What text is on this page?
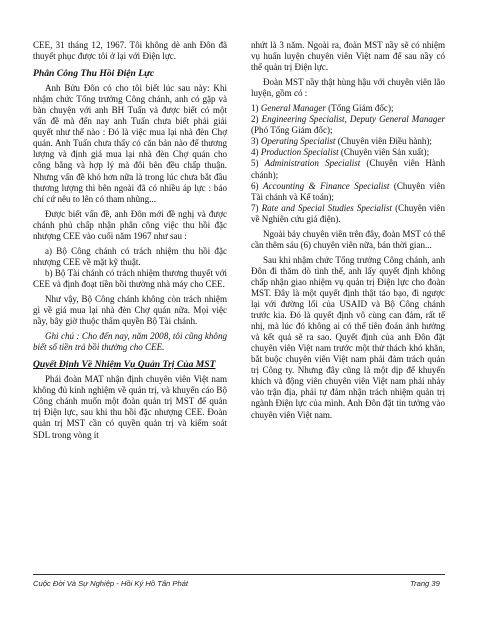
CEE, 31 tháng 12, 1967. Tôi không dè anh Đôn đã thuyết phục được tôi ở lại với Điện lực.

Phân Công Thu Hồi Điện Lực

Anh Bửu Đôn có cho tôi biết lúc sau này: Khi nhậm chức Tổng trưởng Công chánh, anh có gặp và bàn chuyện với anh BH Tuấn và được biết có một vấn đề mà đến nay anh Tuấn chưa biết phải giải quyết như thế nào : Đó là việc mua lại nhà đèn Chợ quán. Anh Tuấn chưa thấy có căn bản nào để thương lượng và định giá mua lại nhà đèn Chợ quán cho công bằng và hợp lý mà đôi bên đều chấp thuận. Nhưng vấn đề khó hơn nữa là trong lúc chưa bắt đầu thương lượng thì bên ngoài đã có nhiều áp lực : báo chí cứ nêu to lên có tham nhũng...

Được biết vấn đề, anh Đôn mới đề nghị và được chánh phủ chấp nhận phân công việc thu hồi đặc nhượng CEE vào cuối năm 1967 như sau :

a) Bộ Công chánh có trách nhiệm thu hồi đặc nhượng CEE về mặt kỹ thuật.

b) Bộ Tài chánh có trách nhiệm thương thuyết với CEE và định đoạt tiền bồi thường nhà máy cho CEE.

Như vậy, Bộ Công chánh không còn trách nhiệm gì về giá mua lại nhà đèn Chợ quán nữa. Mọi việc nầy, bây giờ thuộc thẩm quyền Bộ Tài chánh.

Ghi chú : Cho đến nay, năm 2008, tôi cũng không biết số tiền trả bồi thường cho CEE.

Quyết Định Về Nhiệm Vụ Quản Trị Của MST

Phái đoàn MAT nhận định chuyên viên Việt nam không đủ kinh nghiệm về quản trị, và khuyến cáo Bộ Công chánh muốn một đoàn quản trị MST để quản trị Điện lực, sau khi thu hồi đặc nhượng CEE. Đoàn quản trị MST cần có quyền quản trị và kiểm soát SDL trong vòng ít

nhứt là 3 năm. Ngoài ra, đoàn MST nầy sẽ có nhiệm vụ huấn luyện chuyên viên Việt nam để sau nầy có thể quản trị Điện lực.

Đoàn MST nầy thật hùng hậu với chuyên viên lão luyện, gồm có :

1) General Manager (Tổng Giám đốc);

2) Engineering Specialist, Deputy General Manager (Phó Tổng Giám đốc);

3) Operating Specialist (Chuyên viên Điều hành);

4) Production Specialist (Chuyên viên Sản xuất);

5) Administration Specialist (Chuyên viên Hành chánh);

6) Accounting & Finance Specialist (Chuyên viên Tài chánh và Kế toán);

7) Rate and Special Studies Specialist (Chuyên viên về Nghiên cứu giá điện).

Ngoài bảy chuyên viên trên đây, đoàn MST có thể cần thêm sáu (6) chuyên viên nữa, bán thời gian...

Sau khi nhậm chức Tổng trưởng Công chánh, anh Đôn đi thăm dò tình thế, anh lấy quyết định không chấp nhận giao nhiệm vụ quản trị Điện lực cho đoàn MST. Đây là một quyết định thật táo bạo, đi ngược lại với đường lối của USAID và Bộ Công chánh trước kia. Đó là quyết định vô cùng can đảm, rất tế nhị, mà lúc đó không ai có thể tiên đoán ảnh hưởng và kết quả sẽ ra sao. Quyết định của anh Đôn đặt chuyên viên Việt nam trước một thử thách khó khăn, bắt buộc chuyên viên Việt nam phải đảm trách quản trị Công ty. Nhưng đây cũng là một dịp để khuyến khích và động viên chuyên viên Việt nam phải nhảy vào trận địa, phải tự đảm nhận trách nhiệm quản trị ngành Điện lực của mình. Anh Đôn đặt tin tưởng vào chuyên viên Việt nam.

Cuộc Đời Và Sự Nghiệp - Hồi Ký Hồ Tấn Phát	Trang 39
